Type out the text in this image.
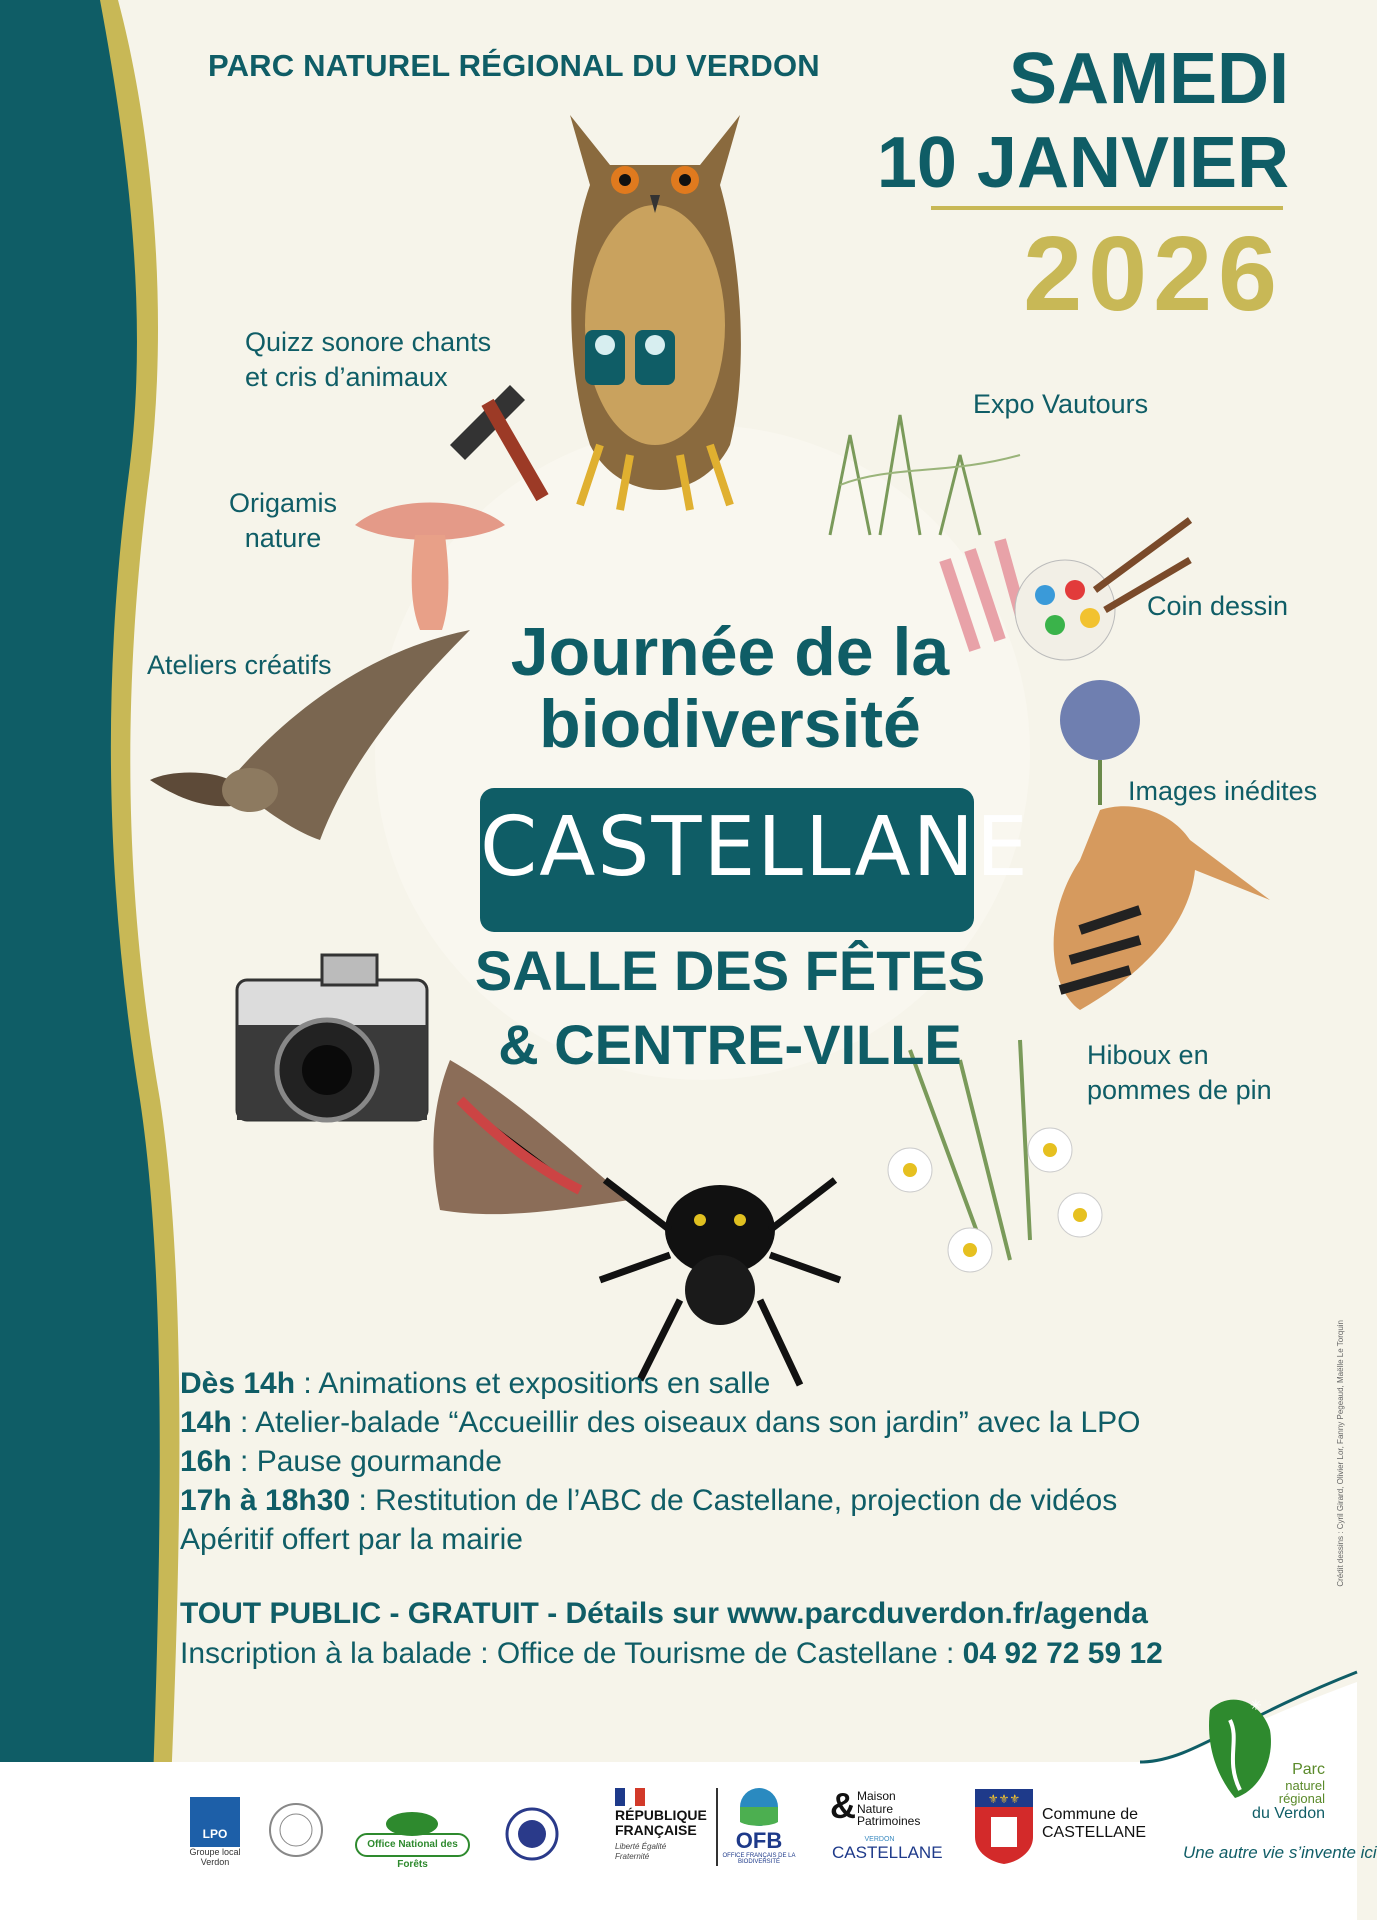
PARC NATUREL RÉGIONAL DU VERDON	SAMEDI
10 JANVIER
2026
Quizz sonore chants
et cris d’animaux
Expo Vautours
Origamis
nature
Coin dessin
Ateliers créatifs
Images inédites
Hiboux en
pommes de pin
Journée de la
biodiversité
CASTELLANE
SALLE DES FÊTES
& CENTRE-VILLE
Dès 14h : Animations et expositions en salle
14h : Atelier-balade “Accueillir des oiseaux dans son jardin” avec la LPO
16h : Pause gourmande
17h à 18h30 : Restitution de l’ABC de Castellane, projection de vidéos
Apéritif offert par la mairie
TOUT PUBLIC - GRATUIT - Détails sur www.parcduverdon.fr/agenda
Inscription à la balade : Office de Tourisme de Castellane : 04 92 72 59 12
Crédit dessins : Cyril Girard, Olivier Lor, Fanny Pegeaud, Maëlle Le Torquin
LPO
Groupe local Verdon
Office National des Forêts
RÉPUBLIQUE
FRANÇAISE
Liberté Égalité Fraternité
OFB
OFFICE FRANÇAIS DE LA BIODIVERSITÉ
& Maison
Nature
Patrimoines
VERDON
CASTELLANE
⚜⚜⚜
Commune de
CASTELLANE
✳
Parc
naturel
régional
du Verdon
Une autre vie s’invente ici
